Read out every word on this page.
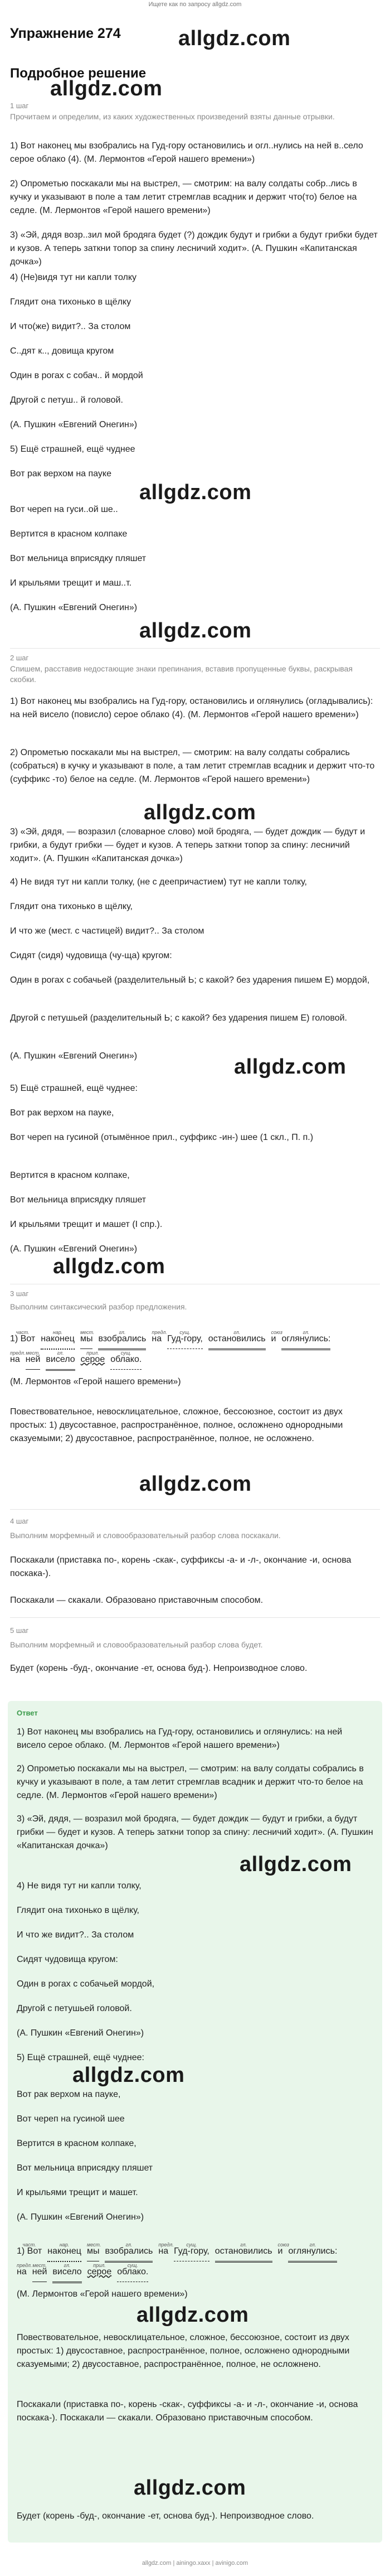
Ищете как по запросу allgdz.com
allgdz.com
Упражнение 274
allgdz.com
Подробное решение
1 шаг
Прочитаем и определим, из каких художественных произведений взяты данные отрывки.
1) Вот наконец мы взобрались на Гуд-гору остановились и огл..нулись на ней в..село серое облако (4). (М. Лермонтов «Герой нашего времени»)
2) Опрометью поскакали мы на выстрел, — смотрим: на валу солдаты собр..лись в кучку и указывают в поле а там летит стремглав всадник и держит что(то) белое на седле. (М. Лермонтов «Герой нашего времени»)
3) «Эй, дядя возр..зил мой бродяга будет (?) дождик будут и грибки а будут грибки будет и кузов. А теперь заткни топор за спину лесничий ходит». (А. Пушкин «Капитанская дочка»)
4) (Не)видя тут ни капли толку
Глядит она тихонько в щёлку
И что(же) видит?.. За столом
С..дят к.., довища кругом
Один в рогах с собач.. й мордой
Другой с петуш.. й головой.
(А. Пушкин «Евгений Онегин»)
5) Ещё страшней, ещё чуднее
Вот рак верхом на пауке
allgdz.com
Вот череп на гуси..ой ше..
Вертится в красном колпаке
Вот мельница вприсядку пляшет
И крыльями трещит и маш..т.
(А. Пушкин «Евгений Онегин»)
allgdz.com
2 шаг
Спишем, расставив недостающие знаки препинания, вставив пропущенные буквы, раскрывая скобки.
1) Вот наконец мы взобрались на Гуд-гору, остановились и оглянулись (огладывались): на ней висело (повисло) серое облако (4). (М. Лермонтов «Герой нашего времени»)
2) Опрометью поскакали мы на выстрел, — смотрим: на валу солдаты собрались (собраться) в кучку и указывают в поле, а там летит стремглав всадник и держит что-то (суффикс -то) белое на седле. (М. Лермонтов «Герой нашего времени»)
allgdz.com
3) «Эй, дядя, — возразил (словарное слово) мой бродяга, — будет дождик — будут и грибки, а будут грибки — будет и кузов. А теперь заткни топор за спину: лесничий ходит». (А. Пушкин «Капитанская дочка»)
4) Не видя тут ни капли толку, (не с деепричастием) тут не капли толку,
Глядит она тихонько в щёлку,
И что же (мест. с частицей) видит?.. За столом
Сидят (сидя) чудовища (чу-ща) кругом:
Один в рогах с собачьей (разделительный Ь; с какой? без ударения пишем Е) мордой,
Другой с петушьей (разделительный Ь; с какой? без ударения пишем Е) головой.
(А. Пушкин «Евгений Онегин»)	allgdz.com
5) Ещё страшней, ещё чуднее:
Вот рак верхом на пауке,
Вот череп на гусиной (отымённое прил., суффикс -ин-) шее (1 скл., П. п.)
Вертится в красном колпаке,
Вот мельница вприсядку пляшет
И крыльями трещит и машет (I спр.).
(А. Пушкин «Евгений Онегин»)
allgdz.com
3 шаг
Выполним синтаксический разбор предложения.
част.
1) Вот
нар.
наконец
мест.
мы
гл.
взобрались
предл.
на
сущ.
Гуд-гору,
гл.
остановились
союз
и
гл.
оглянулись:

предл.
на
мест.
ней
гл.
висело
прил.
серое
сущ.
облако.
(М. Лермонтов «Герой нашего времени»)
Повествовательное, невосклицательное, сложное, бессоюзное, состоит из двух простых: 1) двусоставное, распространённое, полное, осложнено однородными сказуемыми; 2) двусоставное, распространённое, полное, не осложнено.
allgdz.com
4 шаг
Выполним морфемный и словообразовательный разбор слова поскакали.
Поскакали (приставка по-, корень -скак-, суффиксы -а- и -л-, окончание -и, основа поскака-).
Поскакали — скакали. Образовано приставочным способом.
5 шаг
Выполним морфемный и словообразовательный разбор слова будет.
Будет (корень -буд-, окончание -ет, основа буд-). Непроизводное слово.
Ответ
1) Вот наконец мы взобрались на Гуд-гору, остановились и оглянулись: на ней висело серое облако. (М. Лермонтов «Герой нашего времени»)
2) Опрометью поскакали мы на выстрел, — смотрим: на валу солдаты собрались в кучку и указывают в поле, а там летит стремглав всадник и держит что-то белое на седле. (М. Лермонтов «Герой нашего времени»)
3) «Эй, дядя, — возразил мой бродяга, — будет дождик — будут и грибки, а будут грибки — будет и кузов. А теперь заткни топор за спину: лесничий ходит». (А. Пушкин «Капитанская дочка»)
allgdz.com
4) Не видя тут ни капли толку,
Глядит она тихонько в щёлку,
И что же видит?.. За столом
Сидят чудовища кругом:
Один в рогах с собачьей мордой,
Другой с петушьей головой.
(А. Пушкин «Евгений Онегин»)
5) Ещё страшней, ещё чуднее:
allgdz.com
Вот рак верхом на пауке,
Вот череп на гусиной шее
Вертится в красном колпаке,
Вот мельница вприсядку пляшет
И крыльями трещит и машет.
(А. Пушкин «Евгений Онегин»)
част.
1) Вот
нар.
наконец
мест.
мы
гл.
взобрались
предл.
на
сущ.
Гуд-гору,
гл.
остановились
союз
и
гл.
оглянулись:

предл.
на
мест.
ней
гл.
висело
прил.
серое
сущ.
облако.
(М. Лермонтов «Герой нашего времени»)
allgdz.com
Повествовательное, невосклицательное, сложное, бессоюзное, состоит из двух простых: 1) двусоставное, распространённое, полное, осложнено однородными сказуемыми; 2) двусоставное, распространённое, полное, не осложнено.
Поскакали (приставка по-, корень -скак-, суффиксы -а- и -л-, окончание -и, основа поскака-). Поскакали — скакали. Образовано приставочным способом.
allgdz.com
Будет (корень -буд-, окончание -ет, основа буд-). Непроизводное слово.
allgdz.com | ainingo.xaxx | avinigo.com
